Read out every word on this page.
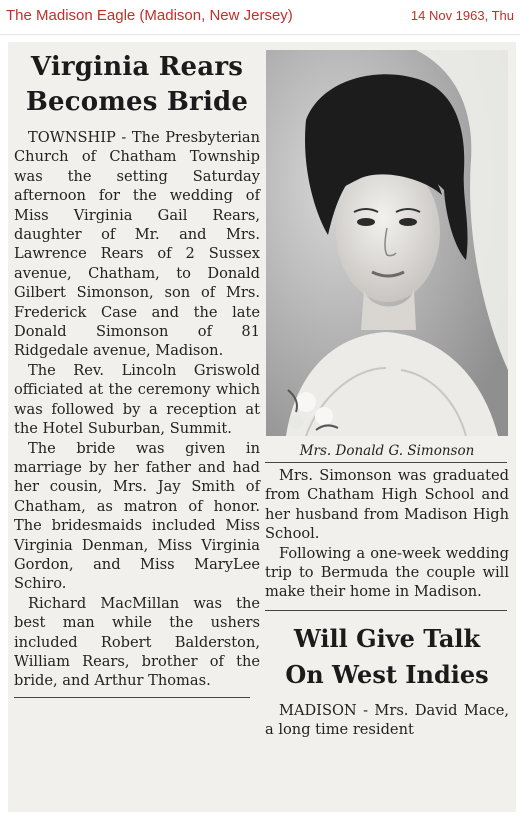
The Madison Eagle (Madison, New Jersey)	14 Nov 1963, Thu
Virginia Rears
Becomes Bride

TOWNSHIP - The Presbyterian Church of Chatham Township was the setting Saturday afternoon for the wedding of Miss Virginia Gail Rears, daughter of Mr. and Mrs. Lawrence Rears of 2 Sussex avenue, Chatham, to Donald Gilbert Simonson, son of Mrs. Frederick Case and the late Donald Simonson of 81 Ridgedale avenue, Madison.

The Rev. Lincoln Griswold officiated at the ceremony which was followed by a reception at the Hotel Suburban, Summit.

The bride was given in marriage by her father and had her cousin, Mrs. Jay Smith of Chatham, as matron of honor. The bridesmaids included Miss Virginia Denman, Miss Virginia Gordon, and Miss MaryLee Schiro.

Richard MacMillan was the best man while the ushers included Robert Balderston, William Rears, brother of the bride, and Arthur Thomas.

Mrs. Donald G. Simonson

Mrs. Simonson was graduated from Chatham High School and her husband from Madison High School.

Following a one-week wedding trip to Bermuda the couple will make their home in Madison.

Will Give Talk
On West Indies

MADISON - Mrs. David Mace, a long time resident
